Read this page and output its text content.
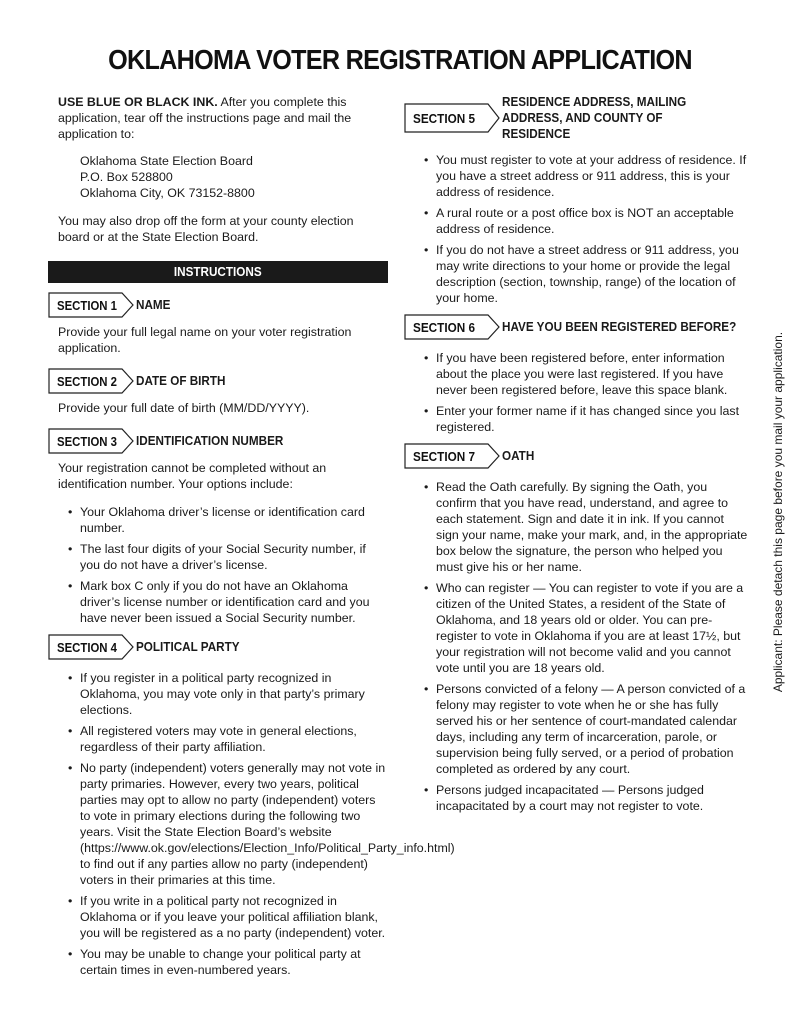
OKLAHOMA VOTER REGISTRATION APPLICATION

USE BLUE OR BLACK INK. After you complete this application, tear off the instructions page and mail the application to:

Oklahoma State Election Board
P.O. Box 528800
Oklahoma City, OK 73152-8800

You may also drop off the form at your county election board or at the State Election Board.

INSTRUCTIONS
SECTION 1 NAME

Provide your full legal name on your voter registration application.

SECTION 2 DATE OF BIRTH

Provide your full date of birth (MM/DD/YYYY).

SECTION 3 IDENTIFICATION NUMBER

Your registration cannot be completed without an identification number. Your options include:

• Your Oklahoma driver’s license or identification card number.
• The last four digits of your Social Security number, if you do not have a driver’s license.
• Mark box C only if you do not have an Oklahoma driver’s license number or identification card and you have never been issued a Social Security number.
SECTION 4 POLITICAL PARTY
• If you register in a political party recognized in Oklahoma, you may vote only in that party’s primary elections.
• All registered voters may vote in general elections, regardless of their party affiliation.
• No party (independent) voters generally may not vote in party primaries. However, every two years, political parties may opt to allow no party (independent) voters to vote in primary elections during the following two years. Visit the State Election Board’s website (https://www.ok.gov/elections/Election_Info/Political_Party_info.html) to find out if any parties allow no party (independent) voters in their primaries at this time.
• If you write in a political party not recognized in Oklahoma or if you leave your political affiliation blank, you will be registered as a no party (independent) voter.
• You may be unable to change your political party at certain times in even-numbered years.
SECTION 5
RESIDENCE ADDRESS, MAILING ADDRESS, AND COUNTY OF RESIDENCE
• You must register to vote at your address of residence. If you have a street address or 911 address, this is your address of residence.
• A rural route or a post office box is NOT an acceptable address of residence.
• If you do not have a street address or 911 address, you may write directions to your home or provide the legal description (section, township, range) of the location of your home.
SECTION 6 HAVE YOU BEEN REGISTERED BEFORE?
• If you have been registered before, enter information about the place you were last registered. If you have never been registered before, leave this space blank.
• Enter your former name if it has changed since you last registered.
SECTION 7 OATH
• Read the Oath carefully. By signing the Oath, you confirm that you have read, understand, and agree to each statement. Sign and date it in ink. If you cannot sign your name, make your mark, and, in the appropriate box below the signature, the person who helped you must give his or her name.
• Who can register — You can register to vote if you are a citizen of the United States, a resident of the State of Oklahoma, and 18 years old or older. You can pre-register to vote in Oklahoma if you are at least 17½, but your registration will not become valid and you cannot vote until you are 18 years old.
• Persons convicted of a felony — A person convicted of a felony may register to vote when he or she has fully served his or her sentence of court-mandated calendar days, including any term of incarceration, parole, or supervision being fully served, or a period of probation completed as ordered by any court.
• Persons judged incapacitated — Persons judged incapacitated by a court may not register to vote.
Applicant: Please detach this page before you mail your application.
